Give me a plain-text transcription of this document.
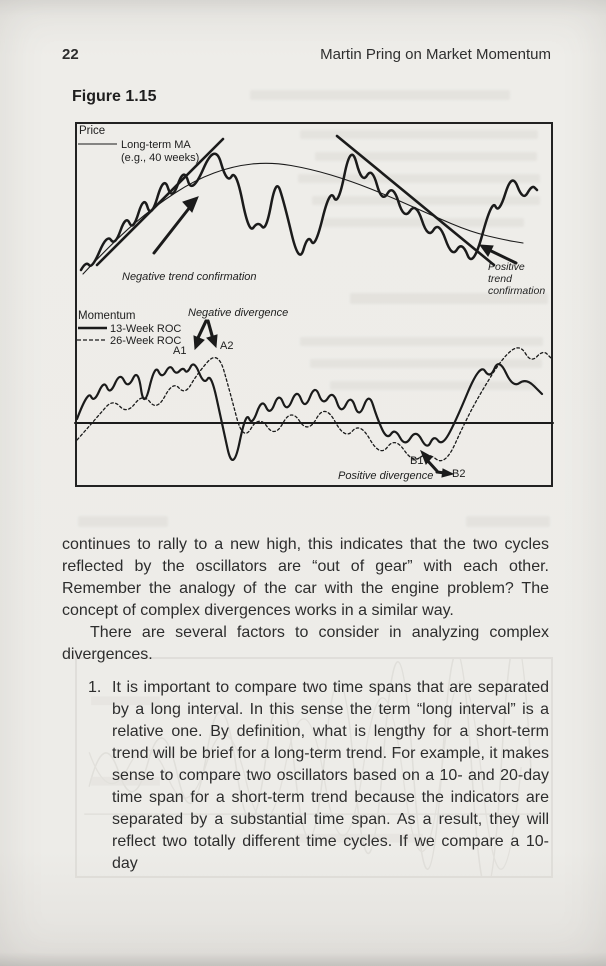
22	Martin Pring on Market Momentum
Figure 1.15
Price
Long-term MA
(e.g., 40 weeks)
Negative trend confirmation
Positive
trend
confirmation
Momentum
13-Week ROC
26-Week ROC
Negative divergence
A1	A2
Positive divergence
B1
B2

continues to rally to a new high, this indicates that the two cycles reflected by the oscillators are “out of gear” with each other. Remember the analogy of the car with the engine problem? The concept of complex divergences works in a similar way.

There are several factors to consider in analyzing complex divergences.

1. It is important to compare two time spans that are separated by a long interval. In this sense the term “long interval” is a relative one. By definition, what is lengthy for a short-term trend will be brief for a long-term trend. For example, it makes sense to compare two oscillators based on a 10- and 20-day time span for a short-term trend because the indicators are separated by a substantial time span. As a result, they will reflect two totally different time cycles. If we compare a 10-day
